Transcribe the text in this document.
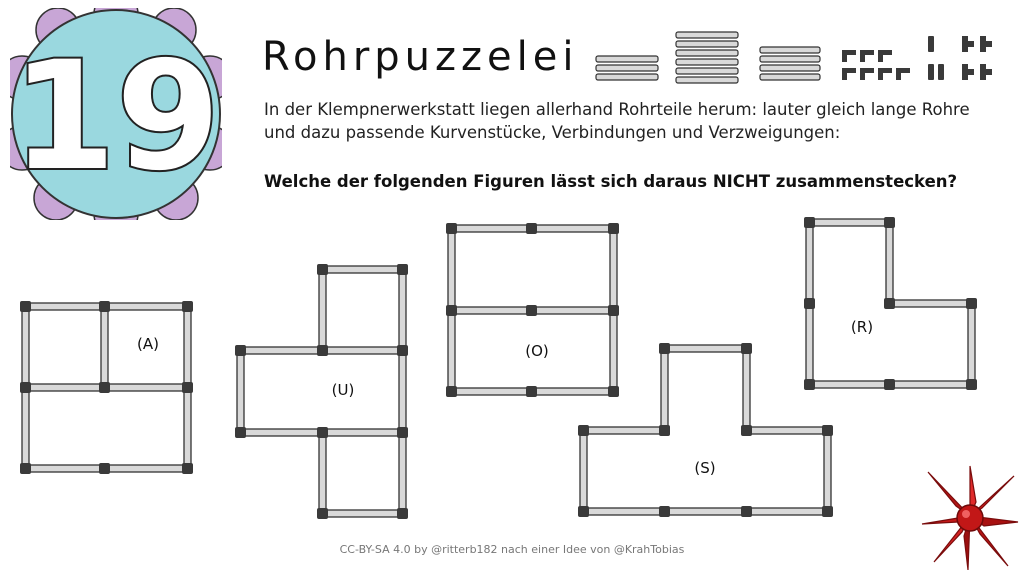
19 Rohrpuzzelei

In der Klempnerwerkstatt liegen allerhand Rohrteile herum: lauter gleich lange Rohre und dazu passende Kurvenstücke, Verbindungen und Verzweigungen:

Welche der folgenden Figuren lässt sich daraus NICHT zusammenstecken?

(A)
(U)
(O)
(S)
(R)

CC-BY-SA 4.0 by @ritterb182 nach einer Idee von @KrahTobias
